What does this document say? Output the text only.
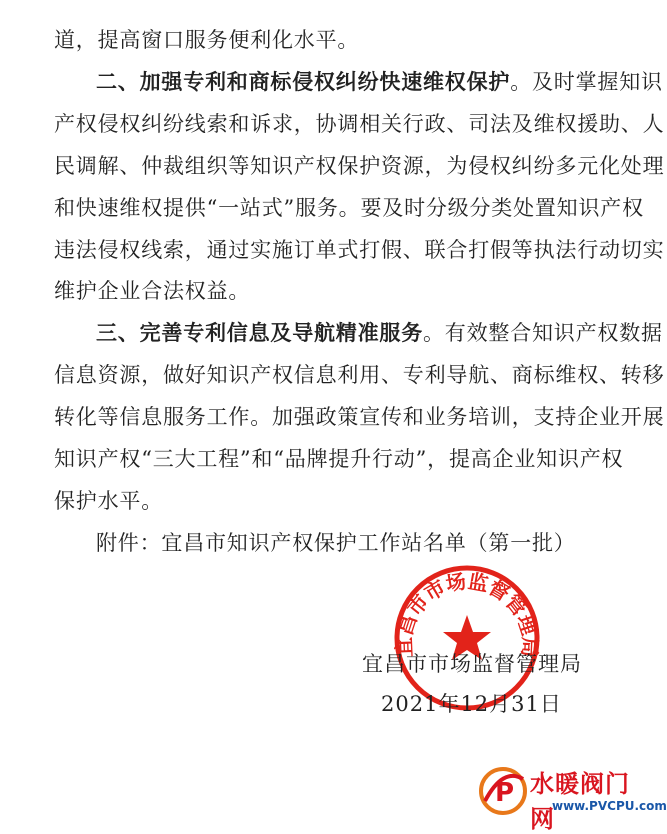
道，提高窗口服务便利化水平。
二、加强专利和商标侵权纠纷快速维权保护。及时掌握知识
产权侵权纠纷线索和诉求，协调相关行政、司法及维权援助、人
民调解、仲裁组织等知识产权保护资源，为侵权纠纷多元化处理
和快速维权提供“一站式”服务。要及时分级分类处置知识产权
违法侵权线索，通过实施订单式打假、联合打假等执法行动切实
维护企业合法权益。
三、完善专利信息及导航精准服务。有效整合知识产权数据
信息资源，做好知识产权信息利用、专利导航、商标维权、转移
转化等信息服务工作。加强政策宣传和业务培训，支持企业开展
知识产权“三大工程”和“品牌提升行动”，提高企业知识产权
保护水平。
附件：宜昌市知识产权保护工作站名单（第一批）
宜昌市市场监督管理局
宜昌市市场监督管理局
2021年12月31日
P 水暖阀门网
www.PVCPU.com
